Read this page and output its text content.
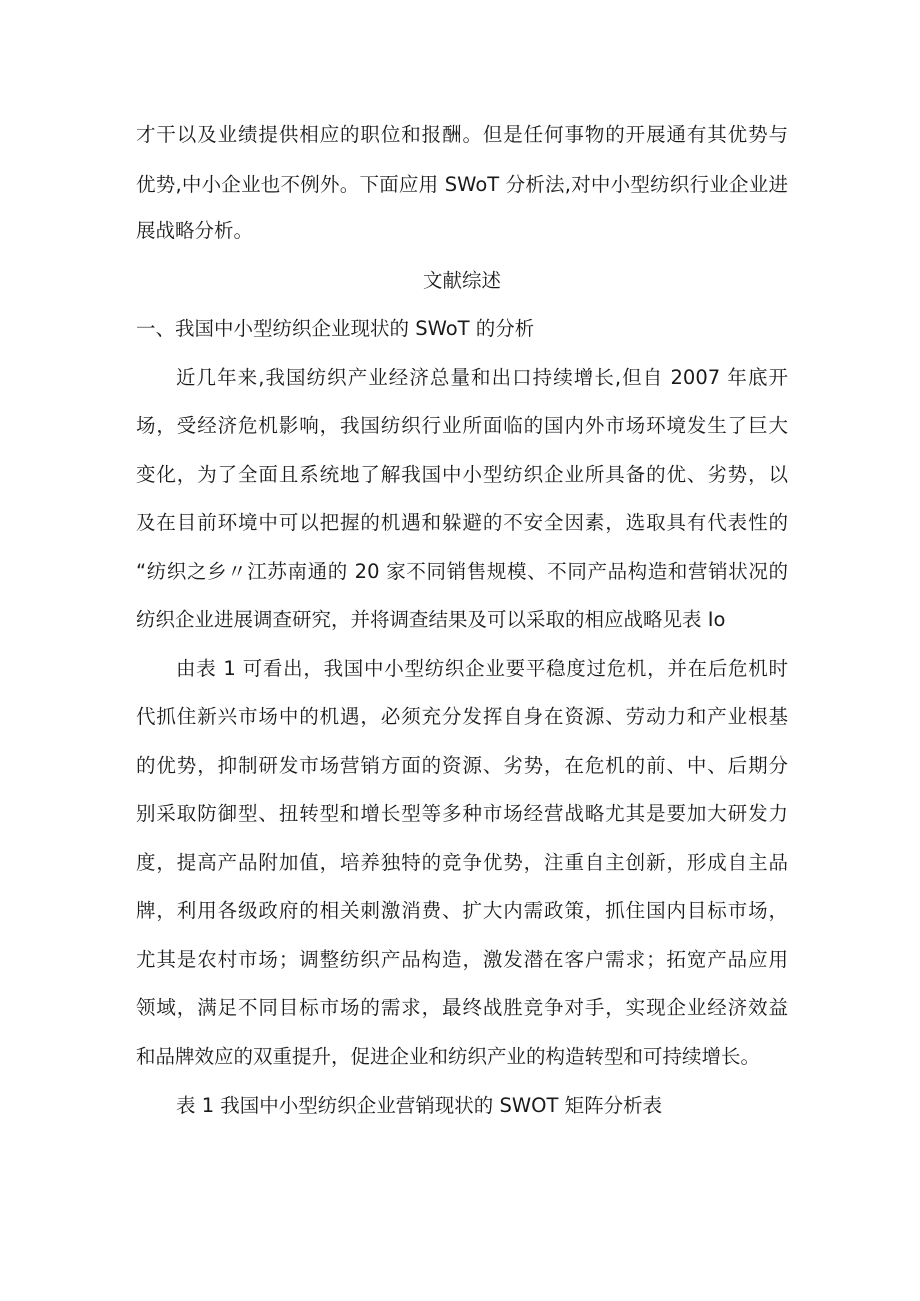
才干以及业绩提供相应的职位和报酬。但是任何事物的开展通有其优势与
优势,中小企业也不例外。下面应用 SWoT 分析法,对中小型纺织行业企业进
展战略分析。
文献综述
一、我国中小型纺织企业现状的 SWoT 的分析
近几年来,我国纺织产业经济总量和出口持续增长,但自 2007 年底开
场，受经济危机影响，我国纺织行业所面临的国内外市场环境发生了巨大
变化，为了全面且系统地了解我国中小型纺织企业所具备的优、劣势，以
及在目前环境中可以把握的机遇和躲避的不安全因素，选取具有代表性的
“纺织之乡〃江苏南通的 20 家不同销售规模、不同产品构造和营销状况的
纺织企业进展调查研究，并将调查结果及可以采取的相应战略见表 Io
由表 1 可看出，我国中小型纺织企业要平稳度过危机，并在后危机时
代抓住新兴市场中的机遇，必须充分发挥自身在资源、劳动力和产业根基
的优势，抑制研发市场营销方面的资源、劣势，在危机的前、中、后期分
别采取防御型、扭转型和增长型等多种市场经营战略尤其是要加大研发力
度，提高产品附加值，培养独特的竞争优势，注重自主创新，形成自主品
牌，利用各级政府的相关刺激消费、扩大内需政策，抓住国内目标市场，
尤其是农村市场；调整纺织产品构造，激发潜在客户需求；拓宽产品应用
领域，满足不同目标市场的需求，最终战胜竞争对手，实现企业经济效益
和品牌效应的双重提升，促进企业和纺织产业的构造转型和可持续增长。
表 1 我国中小型纺织企业营销现状的 SWOT 矩阵分析表
